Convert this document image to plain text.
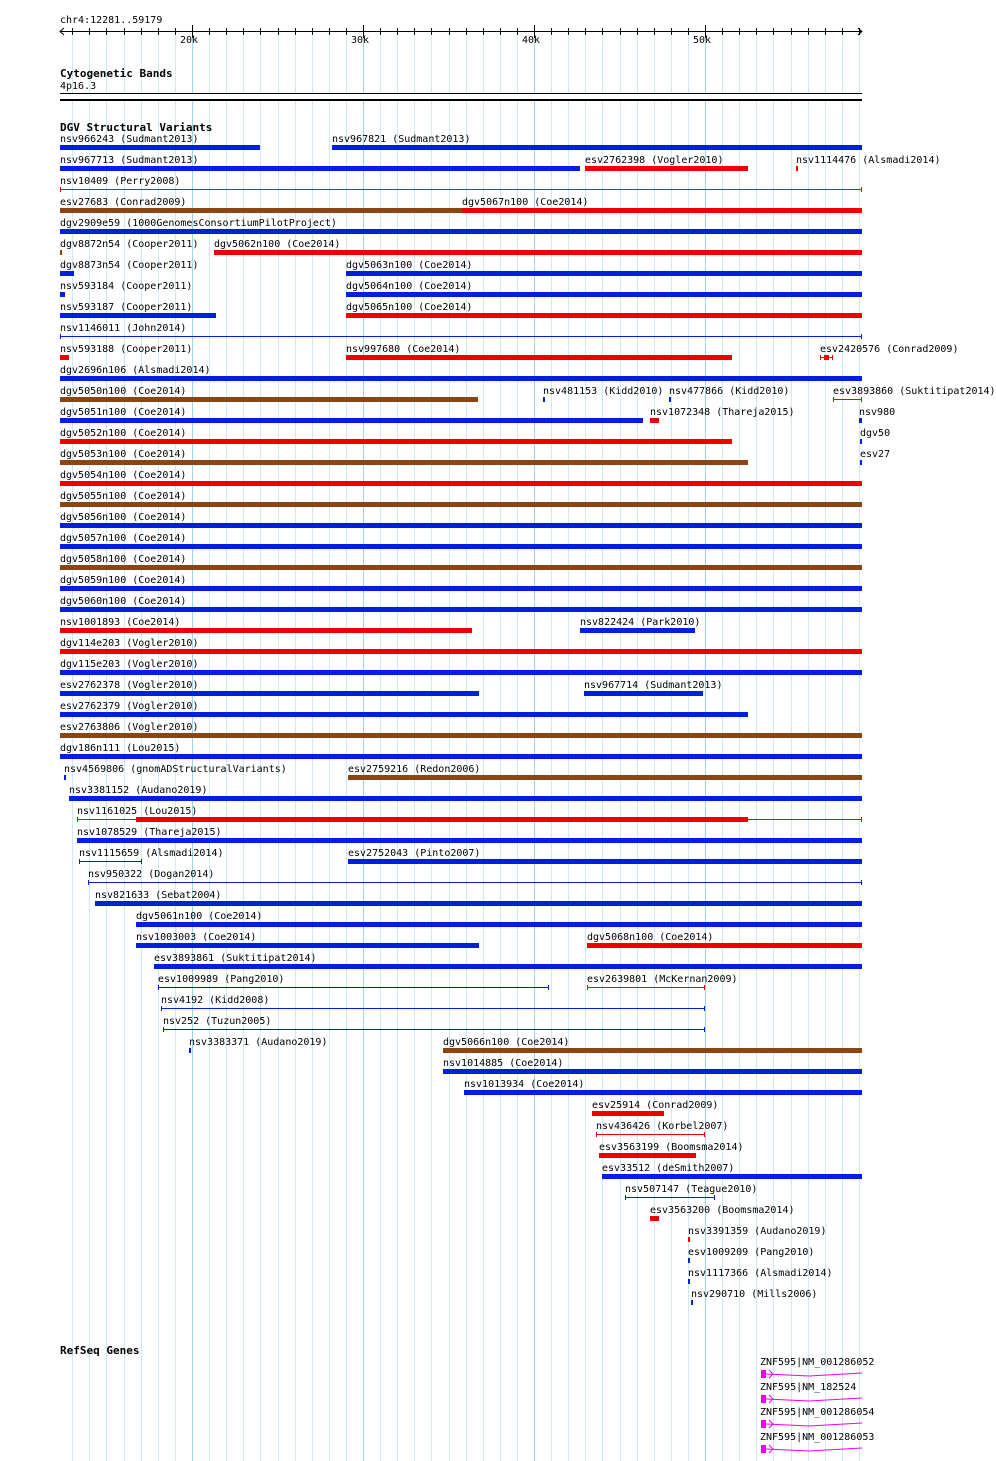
chr4:12281..59179
20k	30k	40k	50k
Cytogenetic Bands
4p16.3
DGV Structural Variants
nsv966243 (Sudmant2013)	nsv967821 (Sudmant2013)
nsv967713 (Sudmant2013)	esv2762398 (Vogler2010)	nsv1114476 (Alsmadi2014)
nsv10409 (Perry2008)
esv27683 (Conrad2009)	dgv5067n100 (Coe2014)
dgv2909e59 (1000GenomesConsortiumPilotProject)
dgv8872n54 (Cooper2011)	dgv5062n100 (Coe2014)
dgv8873n54 (Cooper2011)	dgv5063n100 (Coe2014)
nsv593184 (Cooper2011)	dgv5064n100 (Coe2014)
nsv593187 (Cooper2011)	dgv5065n100 (Coe2014)
nsv1146011 (John2014)
nsv593188 (Cooper2011)	nsv997680 (Coe2014)	esv2420576 (Conrad2009)
dgv2696n106 (Alsmadi2014)
dgv5050n100 (Coe2014)	nsv481153 (Kidd2010) nsv477866 (Kidd2010)	esv3893860 (Suktitipat2014)
dgv5051n100 (Coe2014)	nsv1072348 (Thareja2015)	nsv980
dgv5052n100 (Coe2014)	dgv50
dgv5053n100 (Coe2014)	esv27
dgv5054n100 (Coe2014)
dgv5055n100 (Coe2014)
dgv5056n100 (Coe2014)
dgv5057n100 (Coe2014)
dgv5058n100 (Coe2014)
dgv5059n100 (Coe2014)
dgv5060n100 (Coe2014)
nsv1001893 (Coe2014)	nsv822424 (Park2010)
dgv114e203 (Vogler2010)
dgv115e203 (Vogler2010)
esv2762378 (Vogler2010)	nsv967714 (Sudmant2013)
esv2762379 (Vogler2010)
esv2763806 (Vogler2010)
dgv186n111 (Lou2015)
nsv4569806 (gnomADStructuralVariants)	esv2759216 (Redon2006)
nsv3381152 (Audano2019)
nsv1161025 (Lou2015)
nsv1078529 (Thareja2015)
nsv1115659 (Alsmadi2014)	esv2752043 (Pinto2007)
nsv950322 (Dogan2014)
nsv821633 (Sebat2004)
dgv5061n100 (Coe2014)
nsv1003003 (Coe2014)	dgv5068n100 (Coe2014)
esv3893861 (Suktitipat2014)
esv1009989 (Pang2010)	esv2639801 (McKernan2009)
nsv4192 (Kidd2008)
nsv252 (Tuzun2005)
nsv3383371 (Audano2019)	dgv5066n100 (Coe2014)
nsv1014885 (Coe2014)
nsv1013934 (Coe2014)
esv25914 (Conrad2009)
nsv436426 (Korbel2007)
esv3563199 (Boomsma2014)
esv33512 (deSmith2007)
nsv507147 (Teague2010)
esv3563200 (Boomsma2014)
nsv3391359 (Audano2019)
esv1009209 (Pang2010)
nsv1117366 (Alsmadi2014)
nsv290710 (Mills2006)
RefSeq Genes
ZNF595|NM_001286052
ZNF595|NM_182524
ZNF595|NM_001286054
ZNF595|NM_001286053
